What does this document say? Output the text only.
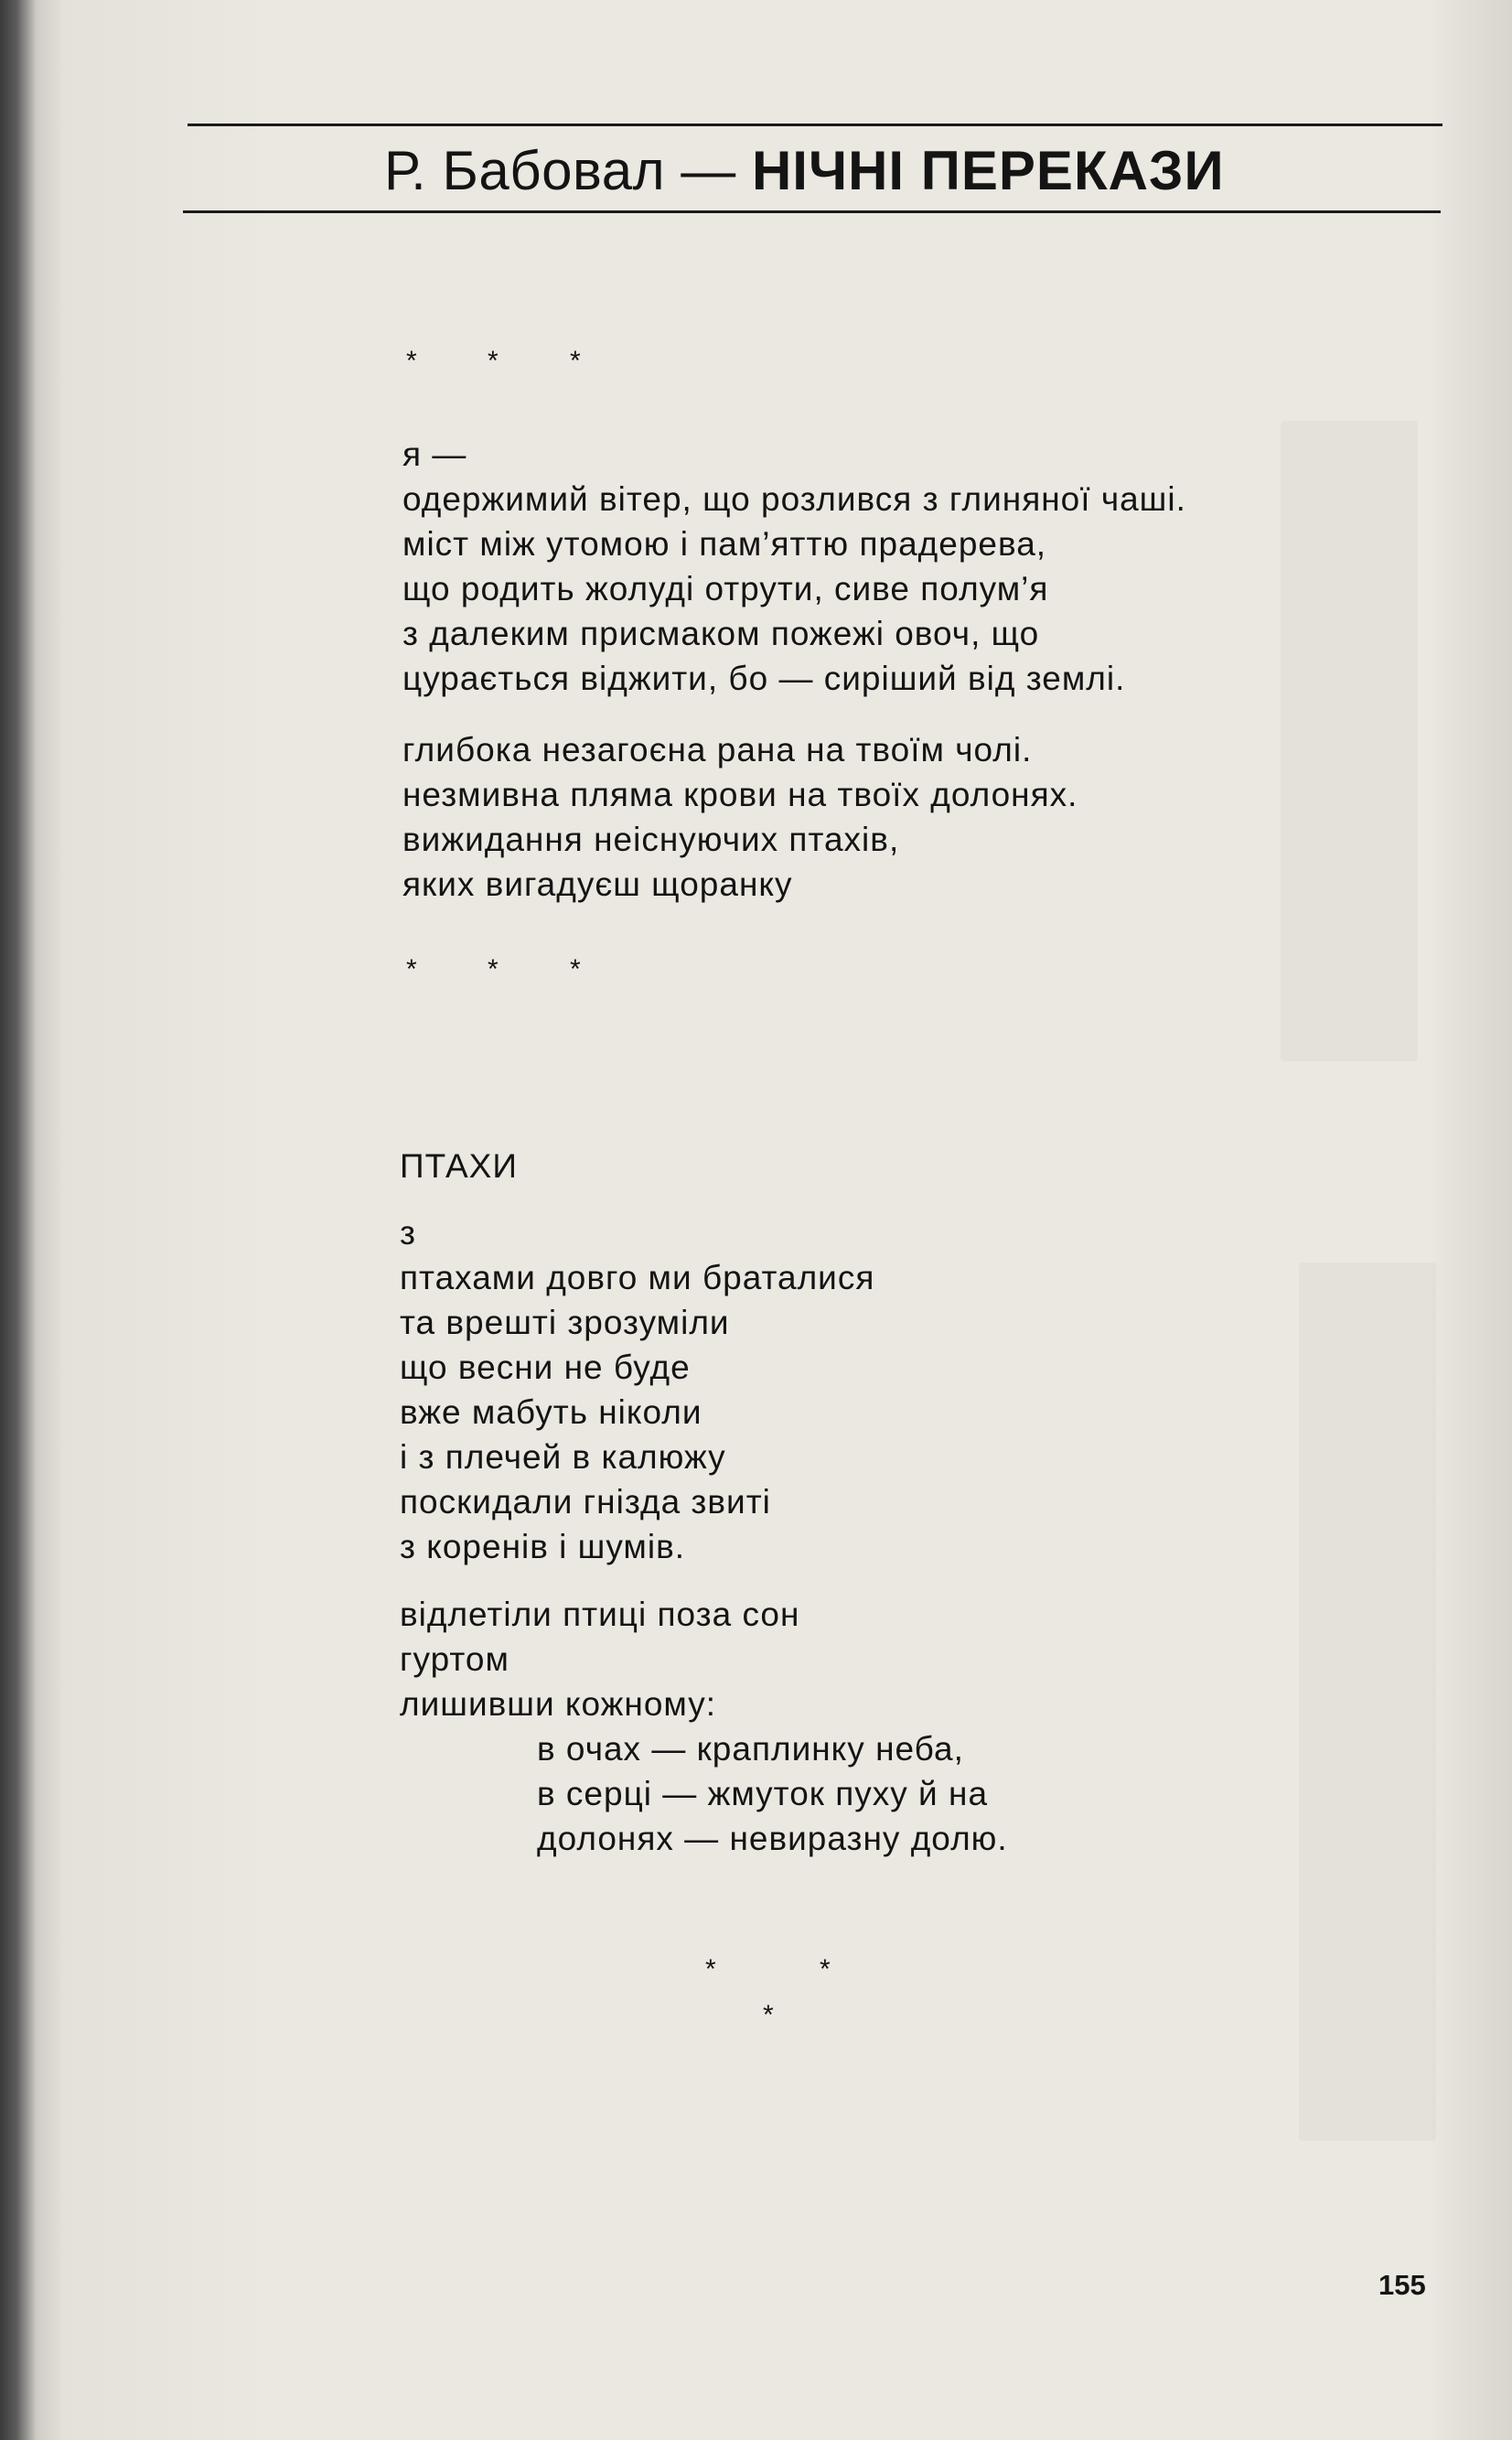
Р. Бабовал — НІЧНІ ПЕРЕКАЗИ
*	*	*
я —
одержимий вітер, що розлився з глиняної чаші.
міст між утомою і пам’яттю прадерева,
що родить жолуді отрути, сиве полум’я
з далеким присмаком пожежі овоч, що
цурається віджити, бо — сиріший від землі.
глибока незагоєна рана на твоїм чолі.
незмивна пляма крови на твоїх долонях.
вижидання неіснуючих птахів,
яких вигадуєш щоранку
*	*	*
ПТАХИ
з
птахами довго ми браталися
та врешті зрозуміли
що весни не буде
вже мабуть ніколи
і з плечей в калюжу
поскидали гнізда звиті
з коренів і шумів.
відлетіли птиці поза сон
гуртом
лишивши кожному:
в очах — краплинку неба,
в серці — жмуток пуху й на
долонях — невиразну долю.
*	*
*
155
